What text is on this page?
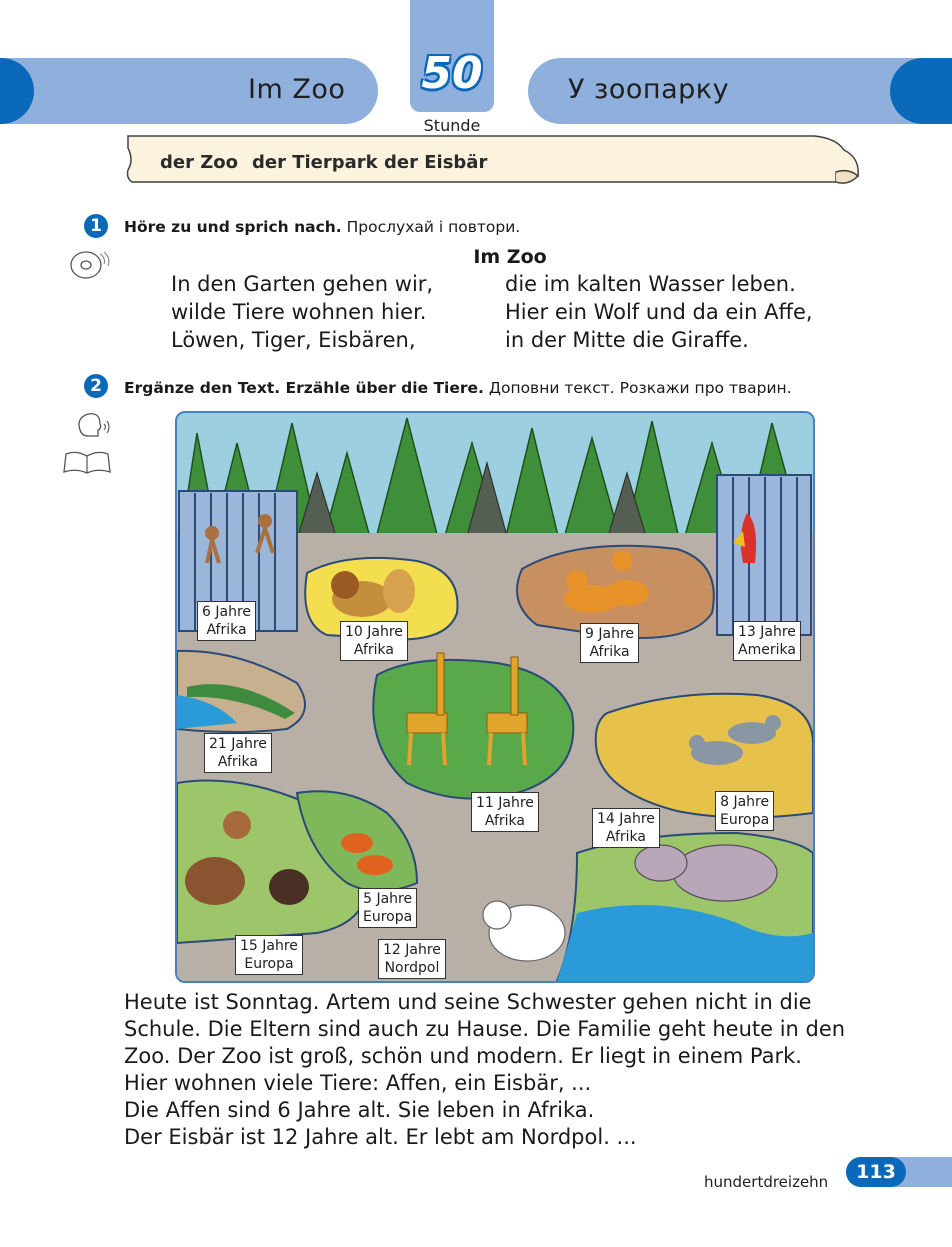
Im Zoo	У зоопарку
50
Stunde
der Zoo der Tierpark der Eisbär
1	Höre zu und sprich nach. Прослухай і повтори.
Im Zoo
In den Garten gehen wir,
wilde Tiere wohnen hier.
Löwen, Tiger, Eisbären,
die im kalten Wasser leben.
Hier ein Wolf und da ein Affe,
in der Mitte die Giraffe.
2	Ergänze den Text. Erzähle über die Tiere. Доповни текст. Розкажи про тварин.
6 Jahre
Afrika	10 Jahre
Afrika
9 Jahre
Afrika
13 Jahre
Amerika
21 Jahre
Afrika
11 Jahre
Afrika	14 Jahre
Afrika
8 Jahre
Europa
5 Jahre
Europa
15 Jahre
Europa
12 Jahre
Nordpol
Heute ist Sonntag. Artem und seine Schwester gehen nicht in die
Schule. Die Eltern sind auch zu Hause. Die Familie geht heute in den
Zoo. Der Zoo ist groß, schön und modern. Er liegt in einem Park.
Hier wohnen viele Tiere: Affen, ein Eisbär, ...
Die Affen sind 6 Jahre alt. Sie leben in Afrika.
Der Eisbär ist 12 Jahre alt. Er lebt am Nordpol. ...
hundertdreizehn	113
